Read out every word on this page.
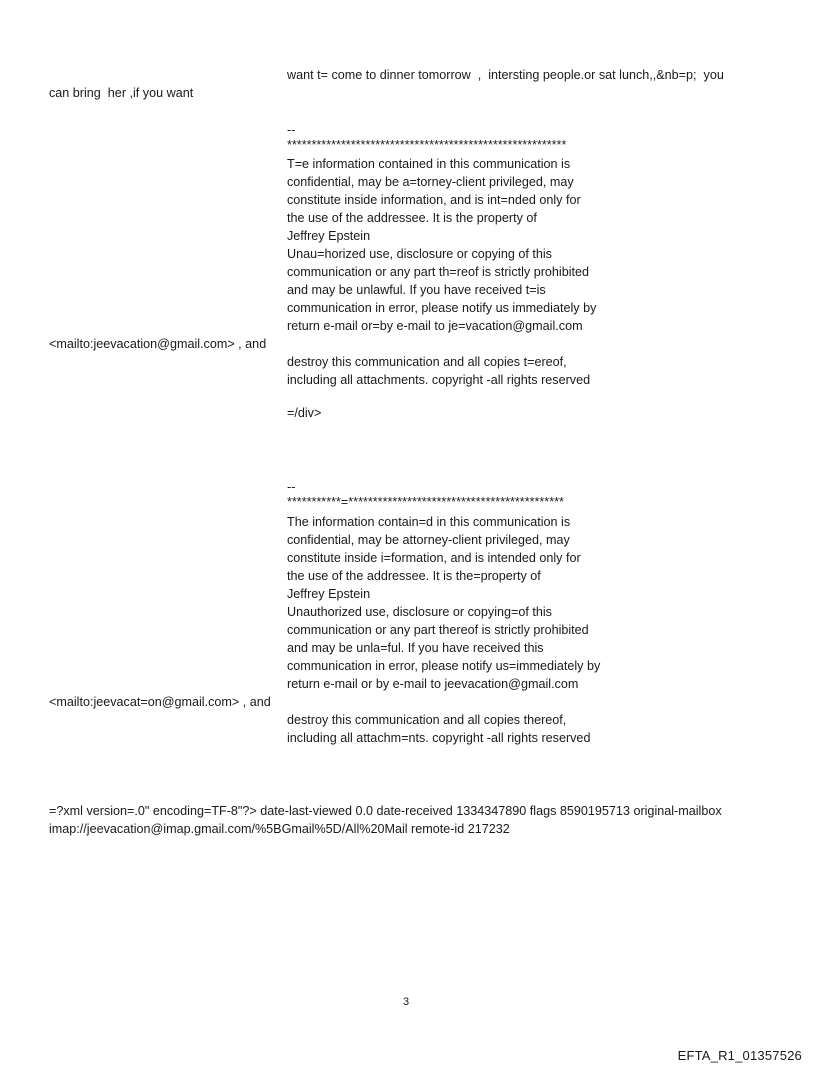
want t= come to dinner tomorrow  ,  intersting people.or sat lunch,,&nb=p;  you
can bring  her ,if you want
--
*********************************************************
T=e information contained in this communication is
confidential, may be a=torney-client privileged, may
constitute inside information, and is int=nded only for
the use of the addressee. It is the property of
Jeffrey Epstein
Unau=horized use, disclosure or copying of this
communication or any part th=reof is strictly prohibited
and may be unlawful. If you have received t=is
communication in error, please notify us immediately by
return e-mail or=by e-mail to je=vacation@gmail.com
<mailto:jeevacation@gmail.com> , and
destroy this communication and all copies t=ereof,
including all attachments. copyright -all rights reserved
=/div>
--
***********=********************************************
The information contain=d in this communication is
confidential, may be attorney-client privileged, may
constitute inside i=formation, and is intended only for
the use of the addressee. It is the=property of
Jeffrey Epstein
Unauthorized use, disclosure or copying=of this
communication or any part thereof is strictly prohibited
and may be unla=ful. If you have received this
communication in error, please notify us=immediately by
return e-mail or by e-mail to jeevacation@gmail.com
<mailto:jeevacat=on@gmail.com> , and
destroy this communication and all copies thereof,
including all attachm=nts. copyright -all rights reserved
=?xml version=.0" encoding=TF-8"?> date-last-viewed 0.0 date-received 1334347890 flags 8590195713 original-mailbox
imap://jeevacation@imap.gmail.com/%5BGmail%5D/All%20Mail remote-id 217232
3
EFTA_R1_01357526
